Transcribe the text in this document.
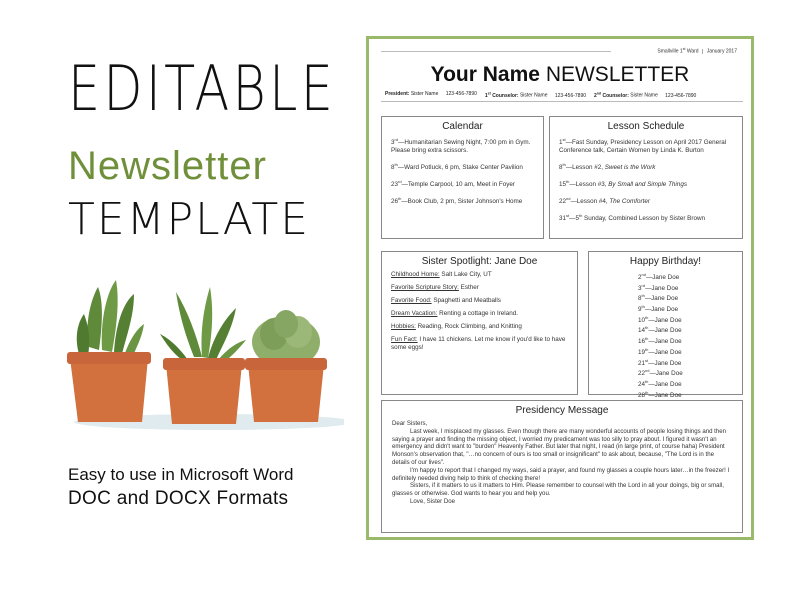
EDITABLE
Newsletter
TEMPLATE
Easy to use in Microsoft Word
DOC and DOCX Formats
Smallville 1st Ward | January 2017
Your Name NEWSLETTER
President: Sister Name 123-456-7890 1st Counselor: Sister Name 123-456-7890 2nd Counselor: Sister Name 123-456-7890
Calendar

3rd—Humanitarian Sewing Night, 7:00 pm in Gym. Please bring extra scissors.

8th—Ward Potluck, 6 pm, Stake Center Pavilion

23rd—Temple Carpool, 10 am, Meet in Foyer

26th—Book Club, 2 pm, Sister Johnson's Home

Lesson Schedule

1st—Fast Sunday, Presidency Lesson on April 2017 General Conference talk, Certain Women by Linda K. Burton

8th—Lesson #2, Sweet is the Work

15th—Lesson #3, By Small and Simple Things

22nd—Lesson #4, The Comforter

31st—5th Sunday, Combined Lesson by Sister Brown

Sister Spotlight: Jane Doe

Childhood Home: Salt Lake City, UT

Favorite Scripture Story: Esther

Favorite Food: Spaghetti and Meatballs

Dream Vacation: Renting a cottage in Ireland.

Hobbies: Reading, Rock Climbing, and Knitting

Fun Fact: I have 11 chickens. Let me know if you'd like to have some eggs!

Happy Birthday!
2nd—Jane Doe
3rd—Jane Doe
8th—Jane Doe
9th—Jane Doe
10th—Jane Doe
14th—Jane Doe
16th—Jane Doe
19th—Jane Doe
21st—Jane Doe
22nd—Jane Doe
24th—Jane Doe
28th—Jane Doe
Presidency Message

Dear Sisters,

Last week, I misplaced my glasses. Even though there are many wonderful accounts of people losing things and then saying a prayer and finding the missing object, I worried my predicament was too silly to pray about. I figured it wasn't an emergency and didn't want to "burden" Heavenly Father. But later that night, I read (in large print, of course haha) President Monson's observation that, "…no concern of ours is too small or insignificant" to ask about, because, "The Lord is in the details of our lives".

I'm happy to report that I changed my ways, said a prayer, and found my glasses a couple hours later…in the freezer! I definitely needed diving help to think of checking there!

Sisters, if it matters to us it matters to Him. Please remember to counsel with the Lord in all your doings, big or small, glasses or otherwise. God wants to hear you and help you.

Love, Sister Doe
